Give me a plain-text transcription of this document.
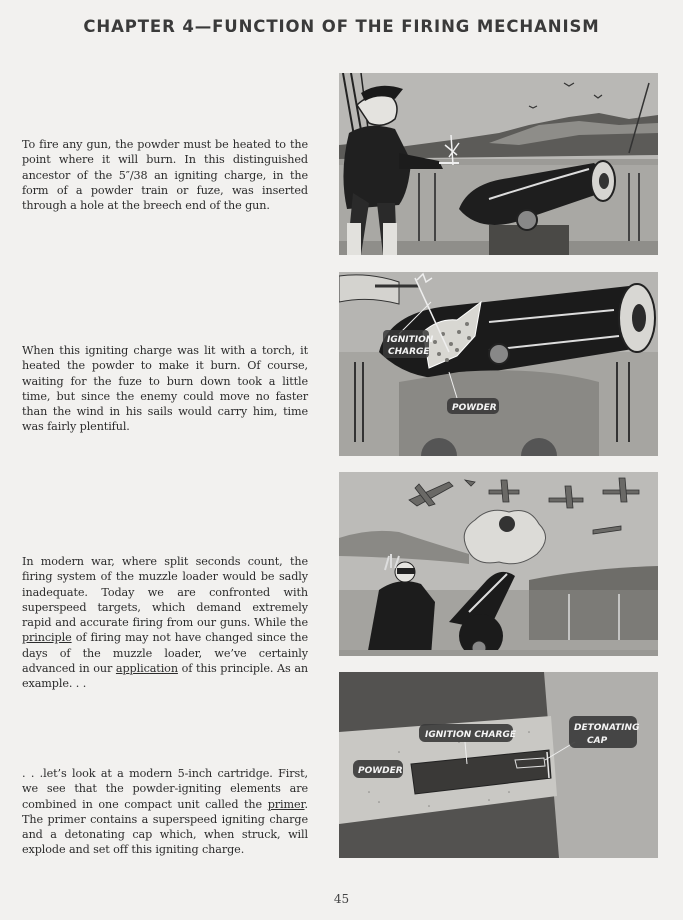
CHAPTER 4—FUNCTION OF THE FIRING MECHANISM
To fire any gun, the powder must be heated to the point where it will burn. In this distinguished ancestor of the 5″/38 an igniting charge, in the form of a powder train or fuze, was inserted through a hole at the breech end of the gun.
When this igniting charge was lit with a torch, it heated the powder to make it burn. Of course, waiting for the fuze to burn down took a little time, but since the enemy could move no faster than the wind in his sails would carry him, time was fairly plentiful.
In modern war, where split seconds count, the firing system of the muzzle loader would be sadly inadequate. Today we are confronted with superspeed targets, which demand extremely rapid and accurate firing from our guns. While the principle of firing may not have changed since the days of the muzzle loader, we’ve certainly advanced in our application of this principle. As an example. . .
. . .let’s look at a modern 5-inch cartridge. First, we see that the powder-igniting elements are combined in one compact unit called the primer. The primer contains a superspeed igniting charge and a detonating cap which, when struck, will explode and set off this igniting charge.
IGNITION
CHARGE
POWDER
IGNITION CHARGE
DETONATING
CAP
POWDER
45
